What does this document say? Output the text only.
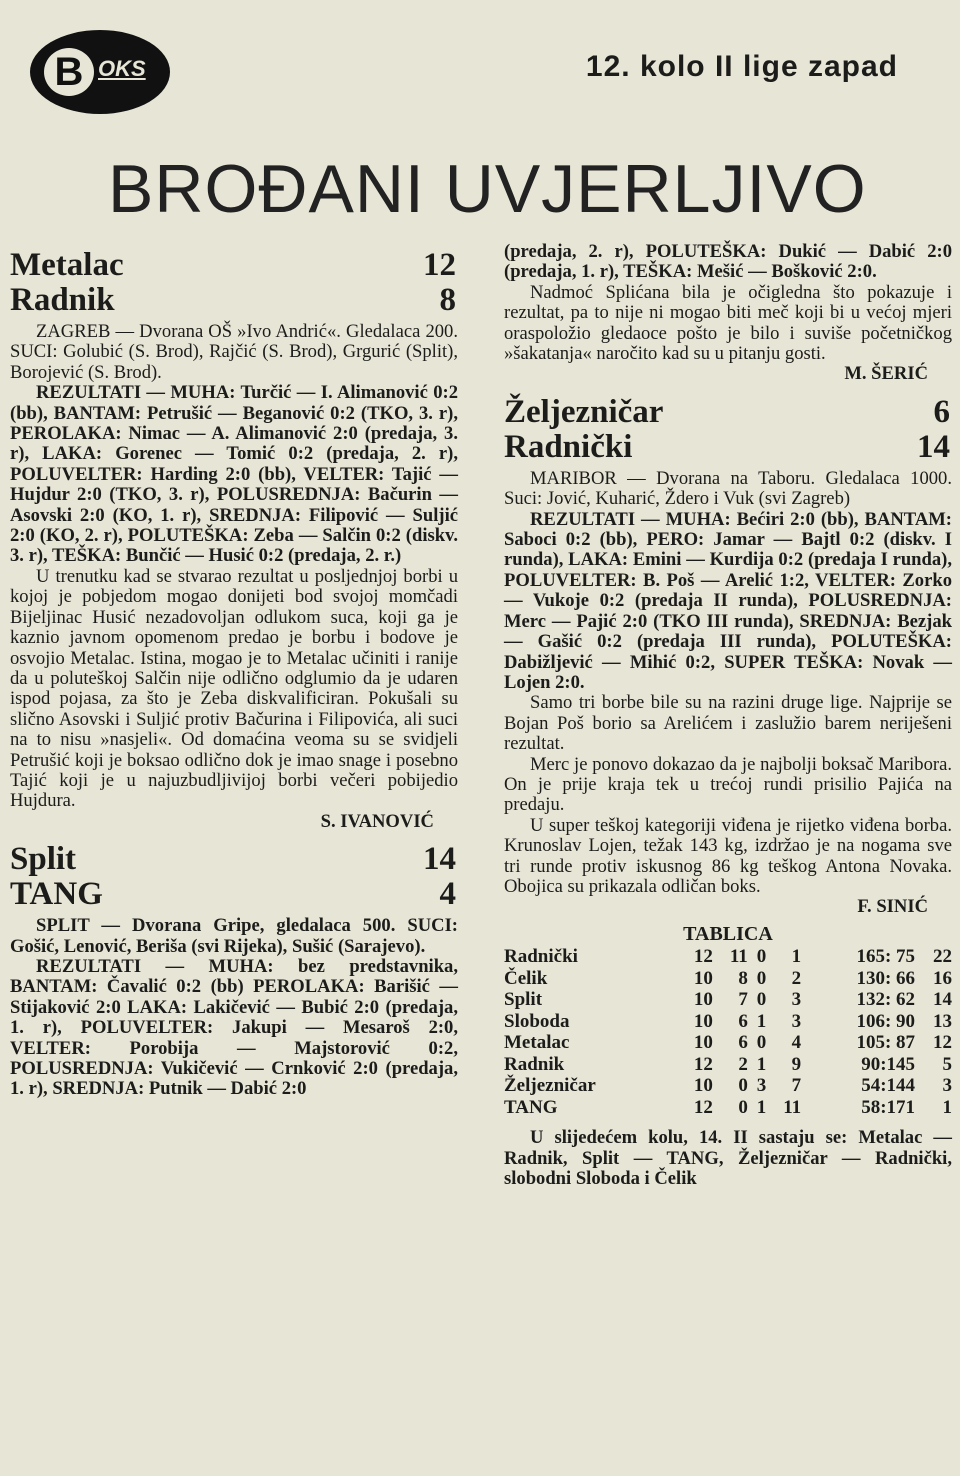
B OKS	12. kolo II lige zapad
BROĐANI UVJERLJIVO
Metalac	12
Radnik	8

ZAGREB — Dvorana OŠ »Ivo Andrić«. Gledalaca 200. SUCI: Golubić (S. Brod), Rajčić (S. Brod), Grgurić (Split), Borojević (S. Brod).

REZULTATI — MUHA: Turčić — I. Alimanović 0:2 (bb), BANTAM: Petrušić — Beganović 0:2 (TKO, 3. r), PEROLAKA: Nimac — A. Alimanović 2:0 (predaja, 3. r), LAKA: Gorenec — Tomić 0:2 (predaja, 2. r), POLUVELTER: Harding 2:0 (bb), VELTER: Tajić — Hujdur 2:0 (TKO, 3. r), POLUSREDNJA: Bačurin — Asovski 2:0 (KO, 1. r), SREDNJA: Filipović — Suljić 2:0 (KO, 2. r), POLUTEŠKA: Zeba — Salčin 0:2 (diskv. 3. r), TEŠKA: Bunčić — Husić 0:2 (predaja, 2. r.)

U trenutku kad se stvarao rezultat u posljednjoj borbi u kojoj je pobjedom mogao donijeti bod svojoj momčadi Bijeljinac Husić nezadovoljan odlukom suca, koji ga je kaznio javnom opomenom predao je borbu i bodove je osvojio Metalac. Istina, mogao je to Metalac učiniti i ranije da u poluteškoj Salčin nije odlično odglumio da je udaren ispod pojasa, za što je Zeba diskvalificiran. Pokušali su slično Asovski i Suljić protiv Bačurina i Filipovića, ali suci na to nisu »nasjeli«. Od domaćina veoma su se svidjeli Petrušić koji je boksao odlično dok je imao snage i posebno Tajić koji je u najuzbudljivijoj borbi večeri pobijedio Hujdura.

S. IVANOVIĆ

Split	14
TANG	4

SPLIT — Dvorana Gripe, gledalaca 500. SUCI: Gošić, Lenović, Beriša (svi Rijeka), Sušić (Sarajevo).

REZULTATI — MUHA: bez predstavnika, BANTAM: Čavalić 0:2 (bb) PEROLAKA: Barišić — Stijaković 2:0 LAKA: Lakičević — Bubić 2:0 (predaja, 1. r), POLUVELTER: Jakupi — Mesaroš 2:0, VELTER: Porobija — Majstorović 0:2, POLUSREDNJA: Vukičević — Crnković 2:0 (predaja, 1. r), SREDNJA: Putnik — Dabić 2:0

(predaja, 2. r), POLUTEŠKA: Dukić — Dabić 2:0 (predaja, 1. r), TEŠKA: Mešić — Bošković 2:0.

Nadmoć Splićana bila je očigledna što pokazuje i rezultat, pa to nije ni mogao biti meč koji bi u većoj mjeri oraspoložio gledaoce pošto je bilo i suviše početničkog »šakatanja« naročito kad su u pitanju gosti.

M. ŠERIĆ

Željezničar	6
Radnički	14

MARIBOR — Dvorana na Taboru. Gledalaca 1000. Suci: Jović, Kuharić, Ždero i Vuk (svi Zagreb)

REZULTATI — MUHA: Bećiri 2:0 (bb), BANTAM: Saboci 0:2 (bb), PERO: Jamar — Bajtl 0:2 (diskv. I runda), LAKA: Emini — Kurdija 0:2 (predaja I runda), POLUVELTER: B. Poš — Arelić 1:2, VELTER: Zorko — Vukoje 0:2 (predaja II runda), POLUSREDNJA: Merc — Pajić 2:0 (TKO III runda), SREDNJA: Bezjak — Gašić 0:2 (predaja III runda), POLUTEŠKA: Dabižljević — Mihić 0:2, SUPER TEŠKA: Novak — Lojen 2:0.

Samo tri borbe bile su na razini druge lige. Najprije se Bojan Poš borio sa Arelićem i zaslužio barem neriješeni rezultat.

Merc je ponovo dokazao da je najbolji boksač Maribora. On je prije kraja tek u trećoj rundi prisilio Pajića na predaju.

U super teškoj kategoriji viđena je rijetko viđena borba. Krunoslav Lojen, težak 143 kg, izdržao je na nogama sve tri runde protiv iskusnog 86 kg teškog Antona Novaka. Obojica su prikazala odličan boks.

F. SINIĆ

TABLICA
Radnički	12	11	0	1	165: 75	22
Čelik	10	8	0	2	130: 66	16
Split	10	7	0	3	132: 62	14
Sloboda	10	6	1	3	106: 90	13
Metalac	10	6	0	4	105: 87	12
Radnik	12	2	1	9	90:145	5
Željezničar	10	0	3	7	54:144	3
TANG	12	0	1	11	58:171	1

U slijedećem kolu, 14. II sastaju se: Metalac — Radnik, Split — TANG, Željezničar — Radnički, slobodni Sloboda i Čelik
